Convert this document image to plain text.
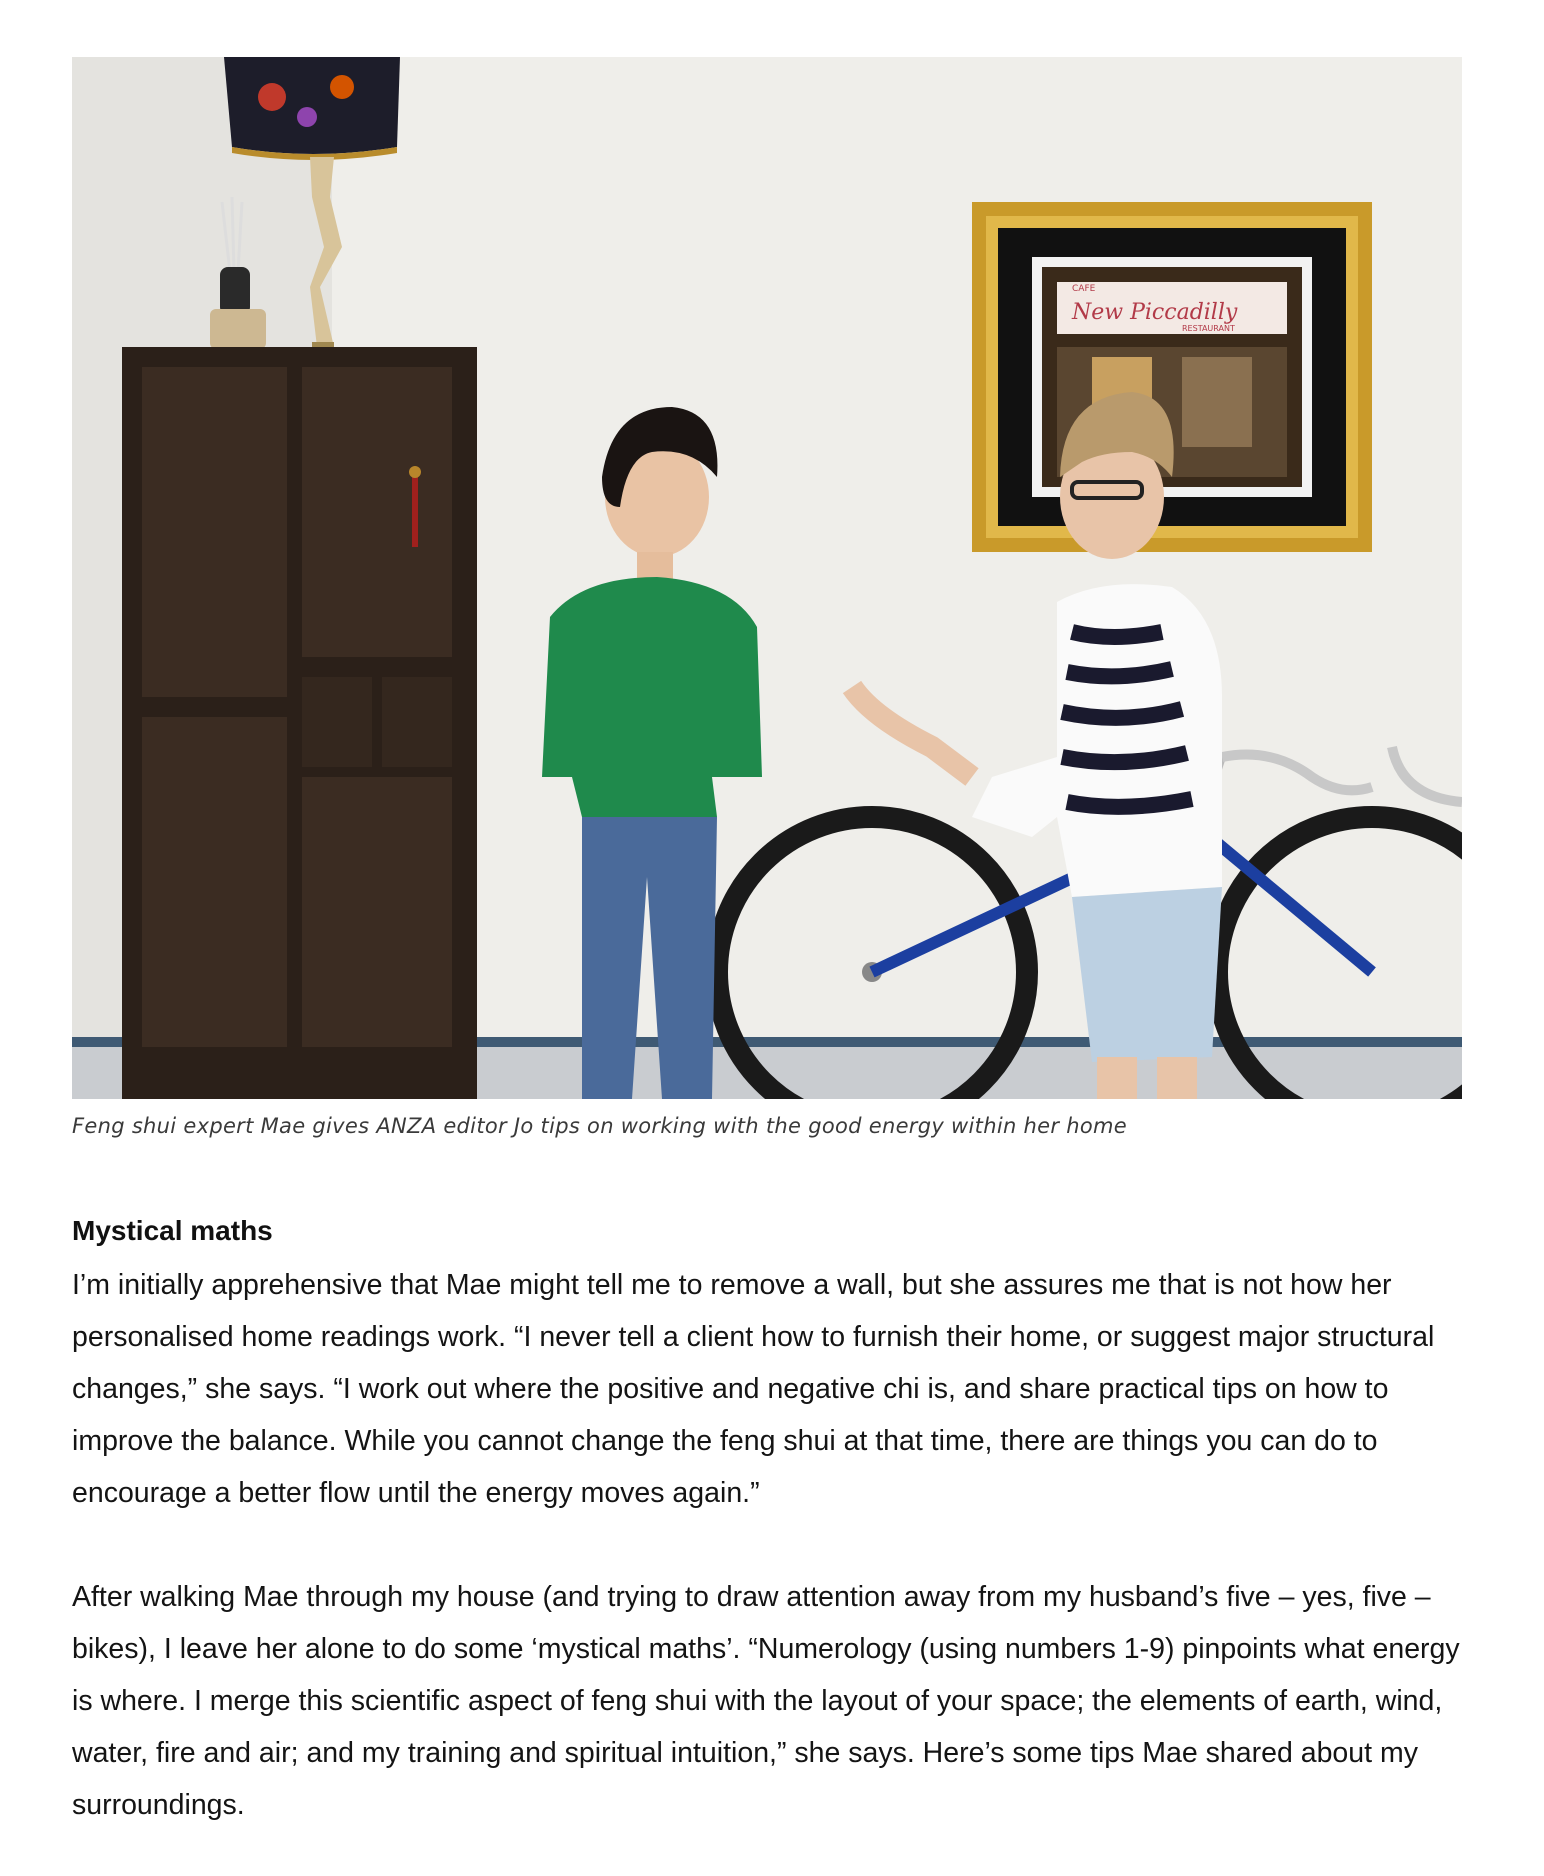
CAFE
New Piccadilly
RESTAURANT
Feng shui expert Mae gives ANZA editor Jo tips on working with the good energy within her home
Mystical maths

I’m initially apprehensive that Mae might tell me to remove a wall, but she assures me that is not how her personalised home readings work. “I never tell a client how to furnish their home, or suggest major structural changes,” she says. “I work out where the positive and negative chi is, and share practical tips on how to improve the balance. While you cannot change the feng shui at that time, there are things you can do to encourage a better flow until the energy moves again.”

After walking Mae through my house (and trying to draw attention away from my husband’s five – yes, five – bikes), I leave her alone to do some ‘mystical maths’. “Numerology (using numbers 1-9) pinpoints what energy is where. I merge this scientific aspect of feng shui with the layout of your space; the elements of earth, wind, water, fire and air; and my training and spiritual intuition,” she says. Here’s some tips Mae shared about my surroundings.
